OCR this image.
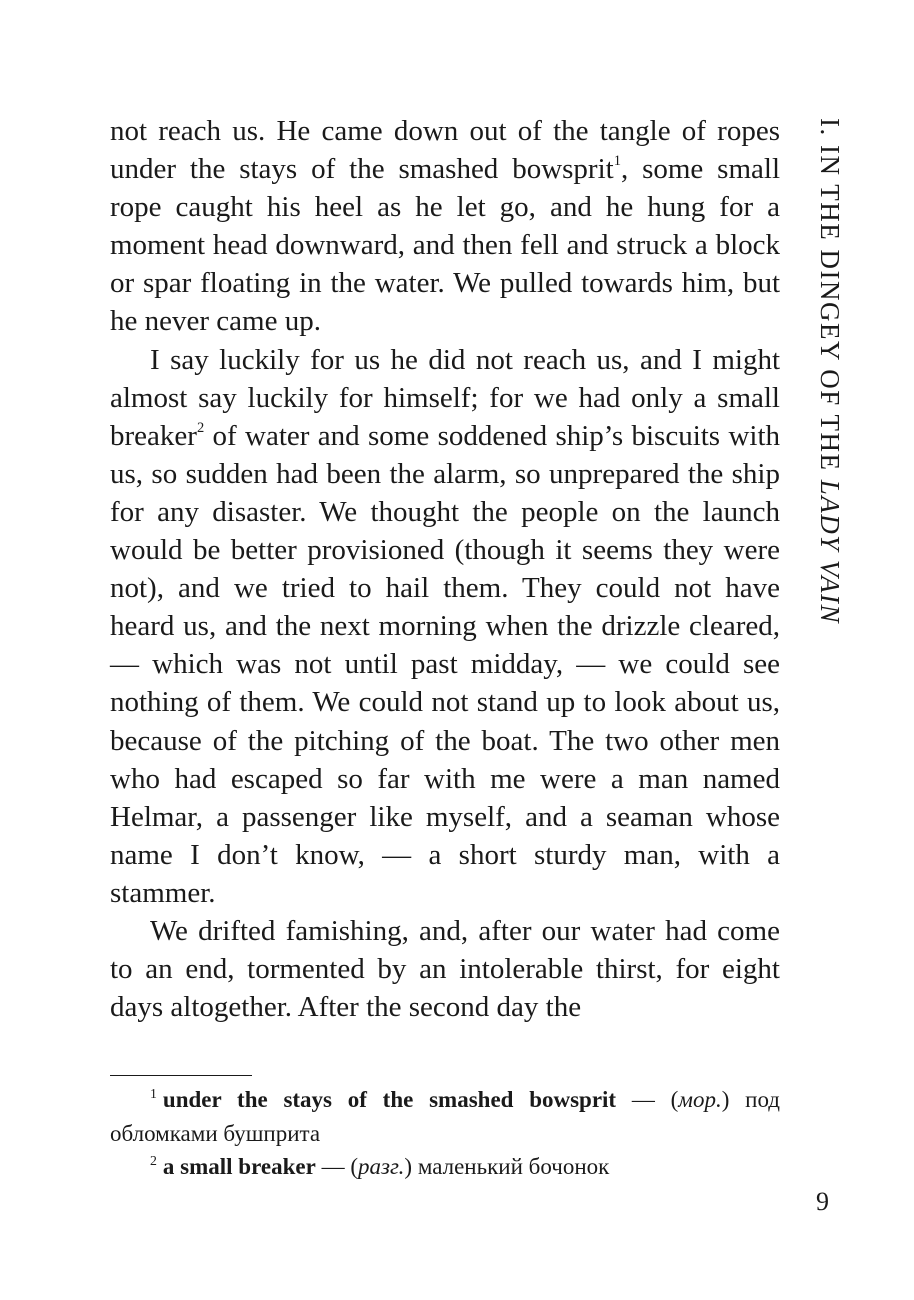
not reach us. He came down out of the tangle of ropes under the stays of the smashed bowsprit$^1$, some small rope caught his heel as he let go, and he hung for a moment head downward, and then fell and struck a block or spar floating in the water. We pulled towards him, but he never came up.

I say luckily for us he did not reach us, and I might almost say luckily for himself; for we had only a small breaker$^2$ of water and some soddened ship’s biscuits with us, so sudden had been the alarm, so unprepared the ship for any disaster. We thought the people on the launch would be better provisioned (though it seems they were not), and we tried to hail them. They could not have heard us, and the next morning when the drizzle cleared, — which was not until past midday, — we could see nothing of them. We could not stand up to look about us, because of the pitching of the boat. The two other men who had escaped so far with me were a man named Helmar, a passenger like myself, and a seaman whose name I don’t know, — a short sturdy man, with a stammer.

We drifted famishing, and, after our water had come to an end, tormented by an intolerable thirst, for eight days altogether. After the second day the

$^1$ under the stays of the smashed bowsprit — (мор.) под обломками бушприта

$^2$ a small breaker — (разг.) маленький бочонок

I. IN THE DINGEY OF THE LADY VAIN
9
